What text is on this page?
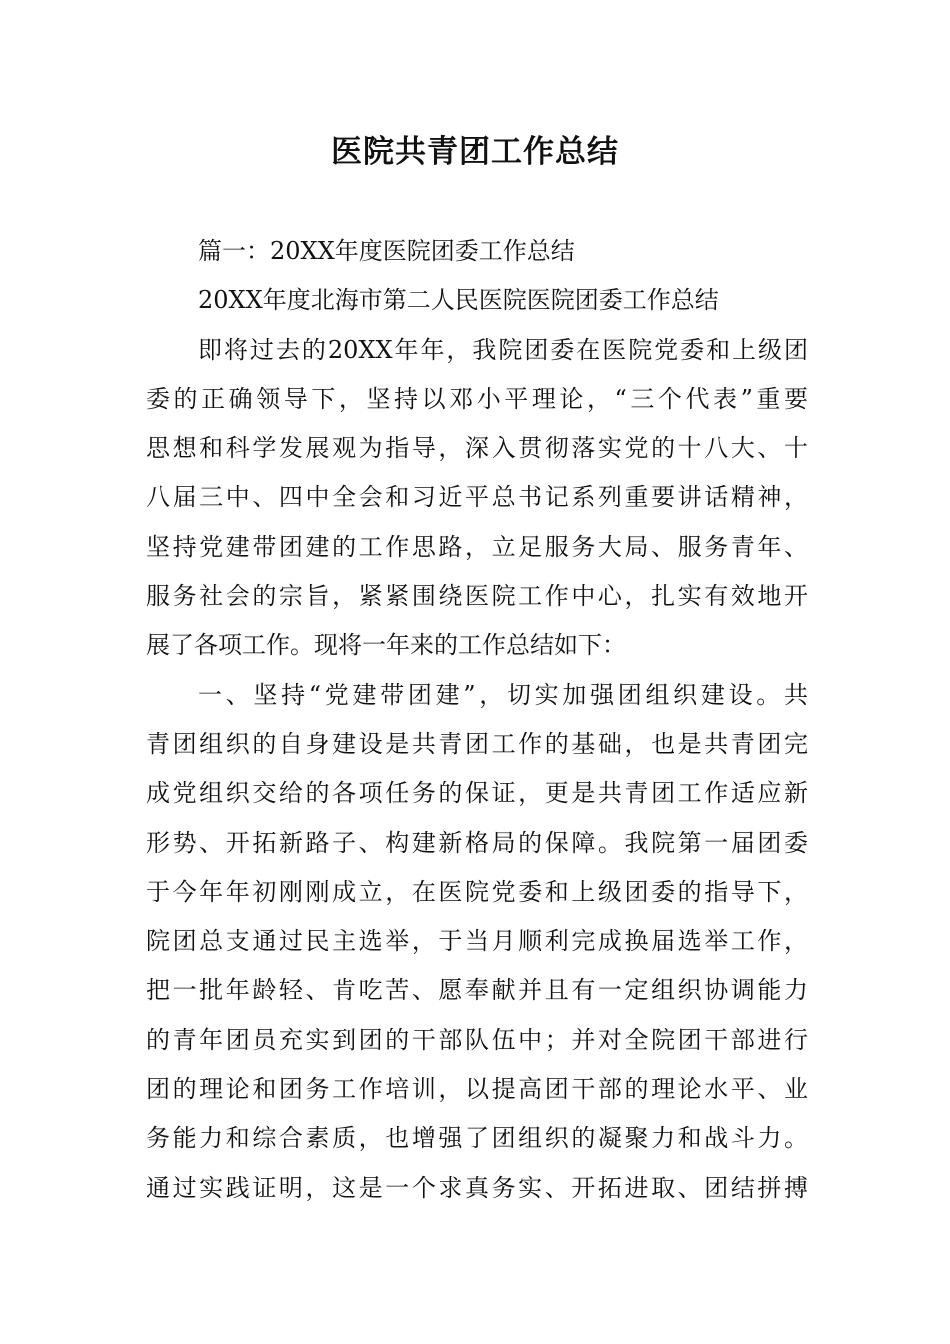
医院共青团工作总结

篇一：20XX年度医院团委工作总结

20XX年度北海市第二人民医院医院团委工作总结

即将过去的20XX年年，我院团委在医院党委和上级团
委的正确领导下，坚持以邓小平理论，“三个代表”重要
思想和科学发展观为指导，深入贯彻落实党的十八大、十
八届三中、四中全会和习近平总书记系列重要讲话精神，
坚持党建带团建的工作思路，立足服务大局、服务青年、
服务社会的宗旨，紧紧围绕医院工作中心，扎实有效地开
展了各项工作。现将一年来的工作总结如下：

一、坚持“党建带团建”，切实加强团组织建设。共
青团组织的自身建设是共青团工作的基础，也是共青团完
成党组织交给的各项任务的保证，更是共青团工作适应新
形势、开拓新路子、构建新格局的保障。我院第一届团委
于今年年初刚刚成立，在医院党委和上级团委的指导下，
院团总支通过民主选举，于当月顺利完成换届选举工作，
把一批年龄轻、肯吃苦、愿奉献并且有一定组织协调能力
的青年团员充实到团的干部队伍中；并对全院团干部进行
团的理论和团务工作培训，以提高团干部的理论水平、业
务能力和综合素质，也增强了团组织的凝聚力和战斗力。
通过实践证明，这是一个求真务实、开拓进取、团结拼搏
